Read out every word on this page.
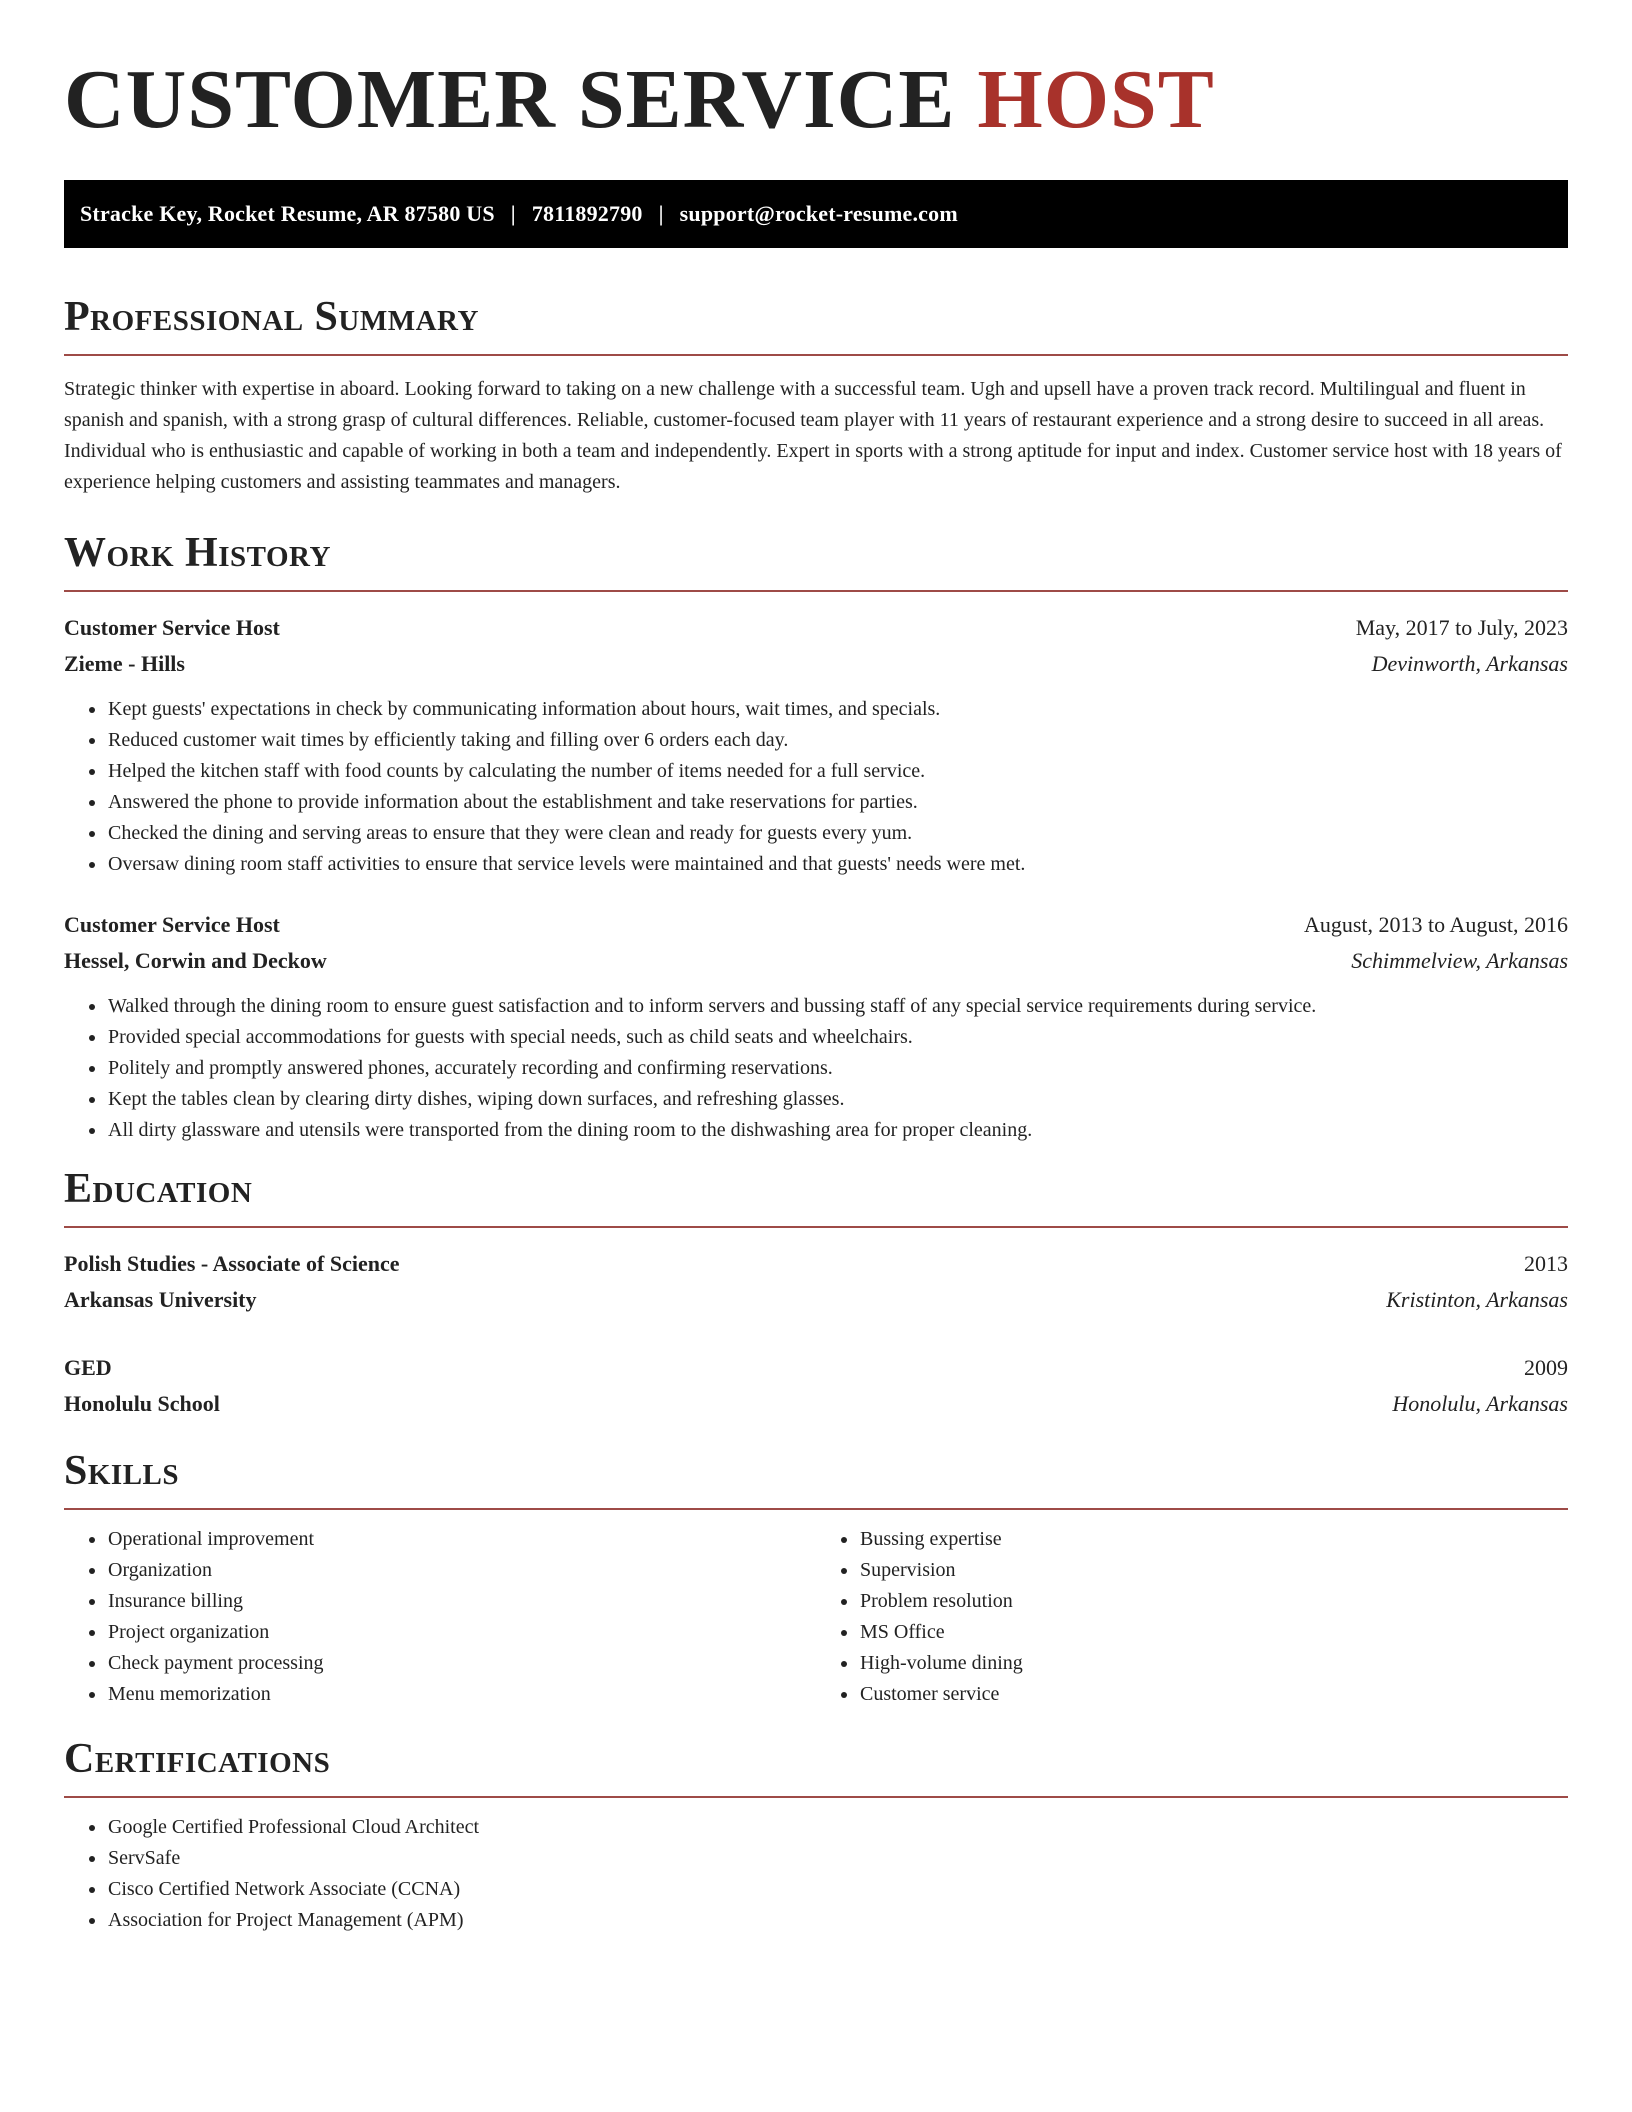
CUSTOMER SERVICE HOST
Stracke Key, Rocket Resume, AR 87580 US | 7811892790 | support@rocket-resume.com
Professional Summary

Strategic thinker with expertise in aboard. Looking forward to taking on a new challenge with a successful team. Ugh and upsell have a proven track record. Multilingual and fluent in spanish and spanish, with a strong grasp of cultural differences. Reliable, customer-focused team player with 11 years of restaurant experience and a strong desire to succeed in all areas. Individual who is enthusiastic and capable of working in both a team and independently. Expert in sports with a strong aptitude for input and index. Customer service host with 18 years of experience helping customers and assisting teammates and managers.

Work History
Customer Service Host	May, 2017 to July, 2023
Zieme - Hills	Devinworth, Arkansas
• Kept guests' expectations in check by communicating information about hours, wait times, and specials.
• Reduced customer wait times by efficiently taking and filling over 6 orders each day.
• Helped the kitchen staff with food counts by calculating the number of items needed for a full service.
• Answered the phone to provide information about the establishment and take reservations for parties.
• Checked the dining and serving areas to ensure that they were clean and ready for guests every yum.
• Oversaw dining room staff activities to ensure that service levels were maintained and that guests' needs were met.
Customer Service Host	August, 2013 to August, 2016
Hessel, Corwin and Deckow	Schimmelview, Arkansas
• Walked through the dining room to ensure guest satisfaction and to inform servers and bussing staff of any special service requirements during service.
• Provided special accommodations for guests with special needs, such as child seats and wheelchairs.
• Politely and promptly answered phones, accurately recording and confirming reservations.
• Kept the tables clean by clearing dirty dishes, wiping down surfaces, and refreshing glasses.
• All dirty glassware and utensils were transported from the dining room to the dishwashing area for proper cleaning.
Education
Polish Studies - Associate of Science	2013
Arkansas University	Kristinton, Arkansas
GED	2009
Honolulu School	Honolulu, Arkansas
Skills
• Operational improvement
• Organization
• Insurance billing
• Project organization
• Check payment processing
• Menu memorization
• Bussing expertise
• Supervision
• Problem resolution
• MS Office
• High-volume dining
• Customer service
Certifications
• Google Certified Professional Cloud Architect
• ServSafe
• Cisco Certified Network Associate (CCNA)
• Association for Project Management (APM)
